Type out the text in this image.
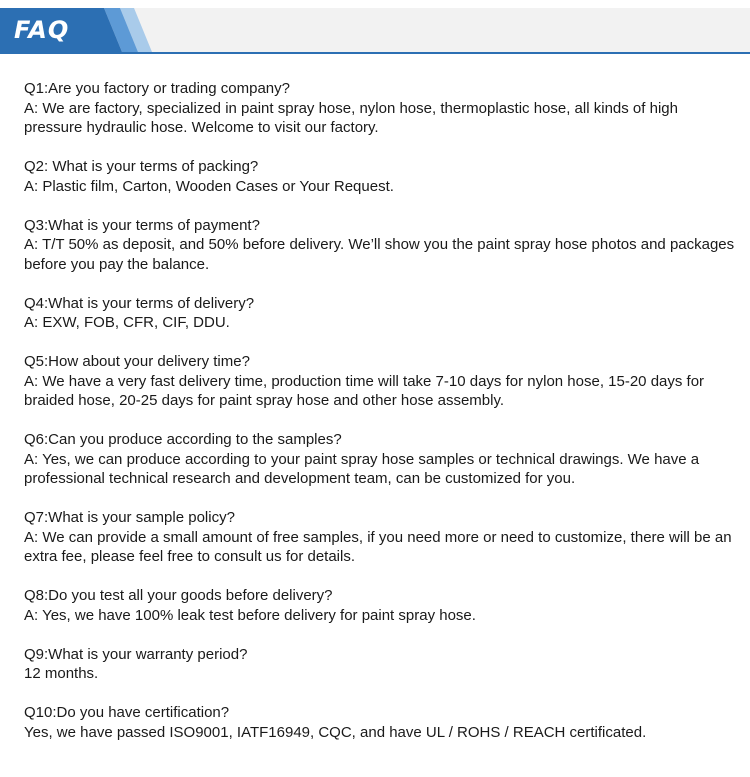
FAQ
Q1:Are you factory or trading company?
A: We are factory, specialized in paint spray hose, nylon hose, thermoplastic hose, all kinds of high pressure hydraulic hose. Welcome to visit our factory.
Q2: What is your terms of packing?
A: Plastic film, Carton, Wooden Cases or Your Request.
Q3:What is your terms of payment?
A: T/T 50% as deposit, and 50% before delivery. We’ll show you the paint spray hose photos and packages before you pay the balance.
Q4:What is your terms of delivery?
A: EXW, FOB, CFR, CIF, DDU.
Q5:How about your delivery time?
A: We have a very fast delivery time, production time will take 7-10 days for nylon hose, 15-20 days for braided hose, 20-25 days for paint spray hose and other hose assembly.
Q6:Can you produce according to the samples?
A: Yes, we can produce according to your paint spray hose samples or technical drawings. We have a professional technical research and development team, can be customized for you.
Q7:What is your sample policy?
A: We can provide a small amount of free samples, if you need more or need to customize, there will be an extra fee, please feel free to consult us for details.
Q8:Do you test all your goods before delivery?
A: Yes, we have 100% leak test before delivery for paint spray hose.
Q9:What is your warranty period?
12 months.
Q10:Do you have certification?
Yes, we have passed ISO9001, IATF16949, CQC, and have UL / ROHS / REACH certificated.
